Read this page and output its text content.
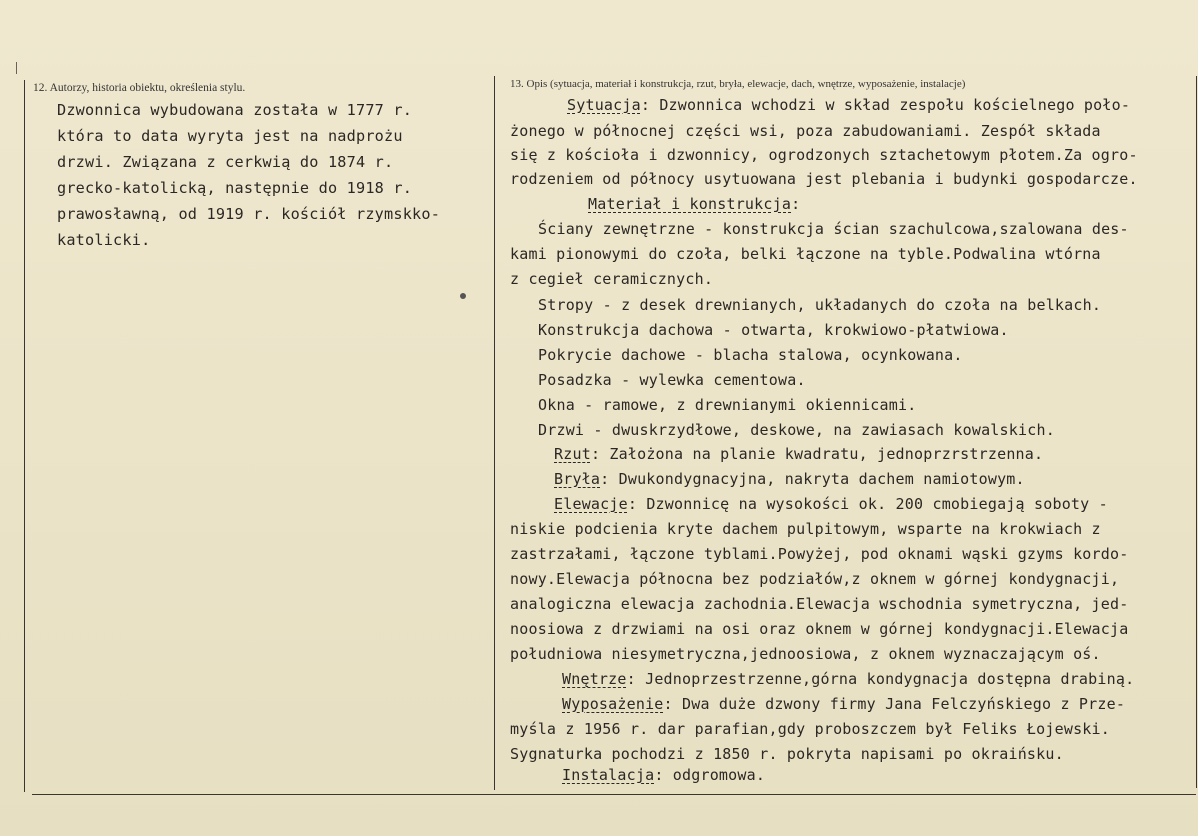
12. Autorzy, historia obiektu, określenia stylu.
Dzwonnica wybudowana została w 1777 r.
która to data wyryta jest na nadprożu
drzwi. Związana z cerkwią do 1874 r.
grecko-katolicką, następnie do 1918 r.
prawosławną, od 1919 r. kościół rzymskko-
katolicki.
13. Opis (sytuacja, materiał i konstrukcja, rzut, bryła, elewacje, dach, wnętrze, wyposażenie, instalacje)
Sytuacja: Dzwonnica wchodzi w skład zespołu kościelnego poło-
żonego w północnej części wsi, poza zabudowaniami. Zespół składa
się z kościoła i dzwonnicy, ogrodzonych sztachetowym płotem.Za ogro-
rodzeniem od północy usytuowana jest plebania i budynki gospodarcze.
Materiał i konstrukcja:
Ściany zewnętrzne - konstrukcja ścian szachulcowa,szalowana des-
kami pionowymi do czoła, belki łączone na tyble.Podwalina wtórna
z cegieł ceramicznych.
Stropy - z desek drewnianych, układanych do czoła na belkach.
Konstrukcja dachowa - otwarta, krokwiowo-płatwiowa.
Pokrycie dachowe - blacha stalowa, ocynkowana.
Posadzka - wylewka cementowa.
Okna - ramowe, z drewnianymi okiennicami.
Drzwi - dwuskrzydłowe, deskowe, na zawiasach kowalskich.
Rzut: Założona na planie kwadratu, jednoprzrstrzenna.
Bryła: Dwukondygnacyjna, nakryta dachem namiotowym.
Elewacje: Dzwonnicę na wysokości ok. 200 cmobiegają soboty -
niskie podcienia kryte dachem pulpitowym, wsparte na krokwiach z
zastrzałami, łączone tyblami.Powyżej, pod oknami wąski gzyms kordo-
nowy.Elewacja północna bez podziałów,z oknem w górnej kondygnacji,
analogiczna elewacja zachodnia.Elewacja wschodnia symetryczna, jed-
noosiowa z drzwiami na osi oraz oknem w górnej kondygnacji.Elewacja
południowa niesymetryczna,jednoosiowa, z oknem wyznaczającym oś.
Wnętrze: Jednoprzestrzenne,górna kondygnacja dostępna drabiną.
Wyposażenie: Dwa duże dzwony firmy Jana Felczyńskiego z Prze-
myśla z 1956 r. dar parafian,gdy proboszczem był Feliks Łojewski.
Sygnaturka pochodzi z 1850 r. pokryta napisami po okraińsku.
Instalacja: odgromowa.
